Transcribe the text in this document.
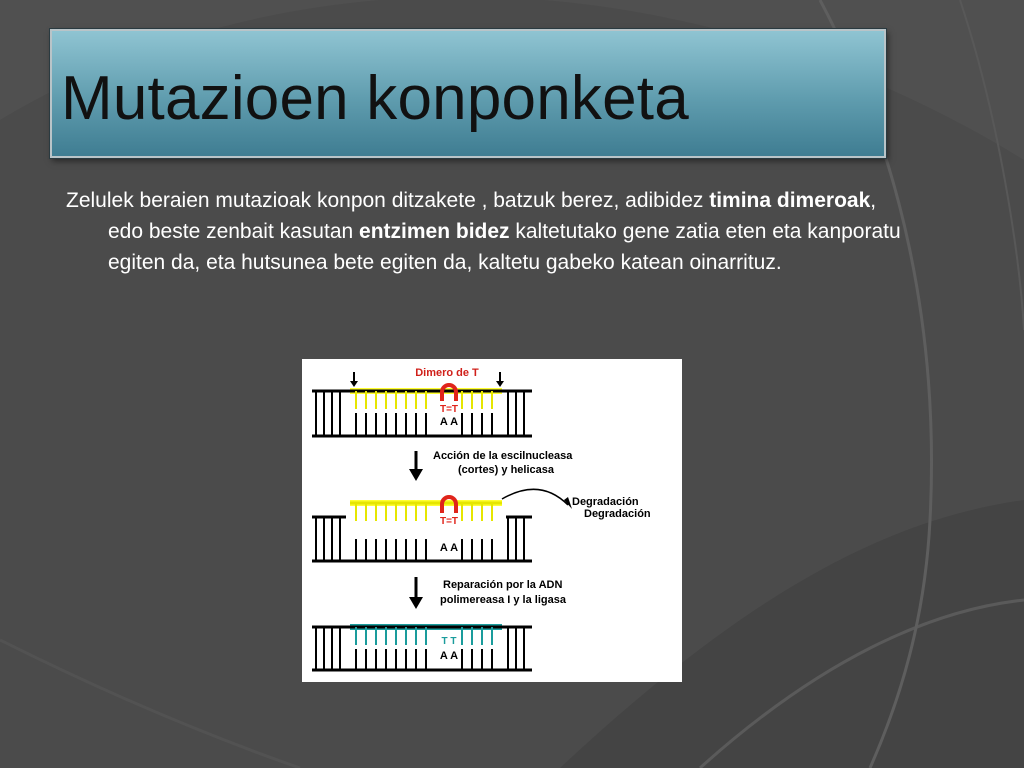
Mutazioen konponketa
Zelulek beraien mutazioak konpon ditzakete , batzuk berez, adibidez timina dimeroak, edo beste zenbait kasutan entzimen bidez kaltetutako gene zatia eten eta kanporatu egiten da, eta hutsunea bete egiten da, kaltetu gabeko katean oinarrituz.
Dimero de T
T=T
A A
Acción de la escilnucleasa
(cortes) y helicasa
T=T
A A
Degradación
Degradación
Reparación por la ADN
polimereasa I y la ligasa
T T
A A
